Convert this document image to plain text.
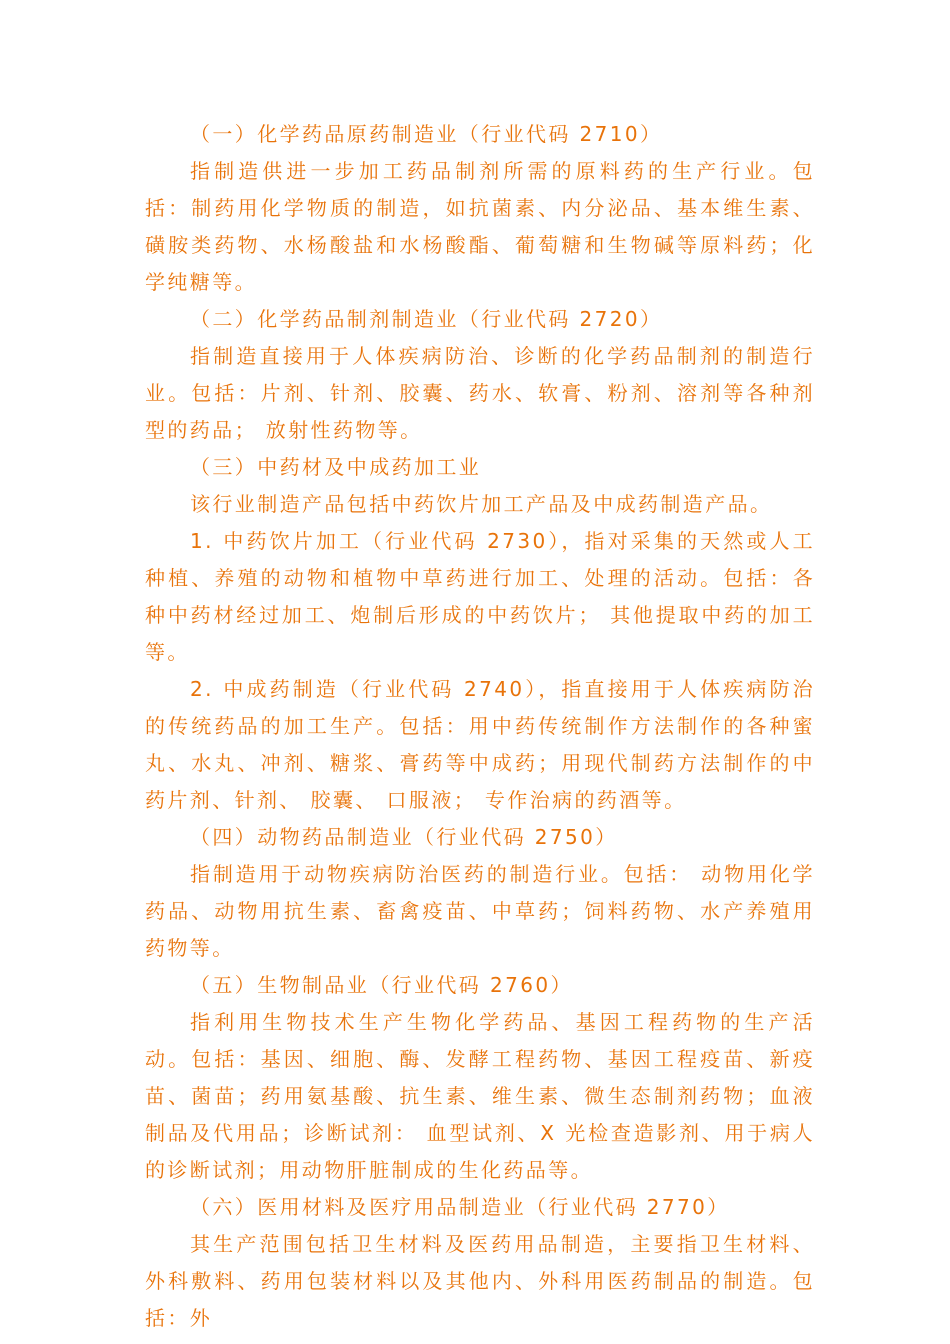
（一）化学药品原药制造业（行业代码 2710）

指制造供进一步加工药品制剂所需的原料药的生产行业。包括：制药用化学物质的制造，如抗菌素、内分泌品、基本维生素、磺胺类药物、水杨酸盐和水杨酸酯、葡萄糖和生物碱等原料药；化学纯糖等。

（二）化学药品制剂制造业（行业代码 2720）

指制造直接用于人体疾病防治、诊断的化学药品制剂的制造行业。包括：片剂、针剂、胶囊、药水、软膏、粉剂、溶剂等各种剂型的药品； 放射性药物等。

（三）中药材及中成药加工业

该行业制造产品包括中药饮片加工产品及中成药制造产品。

1. 中药饮片加工（行业代码 2730），指对采集的天然或人工种植、养殖的动物和植物中草药进行加工、处理的活动。包括：各种中药材经过加工、炮制后形成的中药饮片； 其他提取中药的加工等。

2. 中成药制造（行业代码 2740），指直接用于人体疾病防治的传统药品的加工生产。包括：用中药传统制作方法制作的各种蜜丸、水丸、冲剂、糖浆、膏药等中成药；用现代制药方法制作的中药片剂、针剂、 胶囊、 口服液； 专作治病的药酒等。

（四）动物药品制造业（行业代码 2750）

指制造用于动物疾病防治医药的制造行业。包括： 动物用化学药品、动物用抗生素、畜禽疫苗、中草药；饲料药物、水产养殖用药物等。

（五）生物制品业（行业代码 2760）

指利用生物技术生产生物化学药品、基因工程药物的生产活动。包括：基因、细胞、酶、发酵工程药物、基因工程疫苗、新疫苗、菌苗；药用氨基酸、抗生素、维生素、微生态制剂药物；血液制品及代用品；诊断试剂： 血型试剂、X 光检查造影剂、用于病人的诊断试剂；用动物肝脏制成的生化药品等。

（六）医用材料及医疗用品制造业（行业代码 2770）

其生产范围包括卫生材料及医药用品制造，主要指卫生材料、外科敷料、药用包装材料以及其他内、外科用医药制品的制造。包括：外
